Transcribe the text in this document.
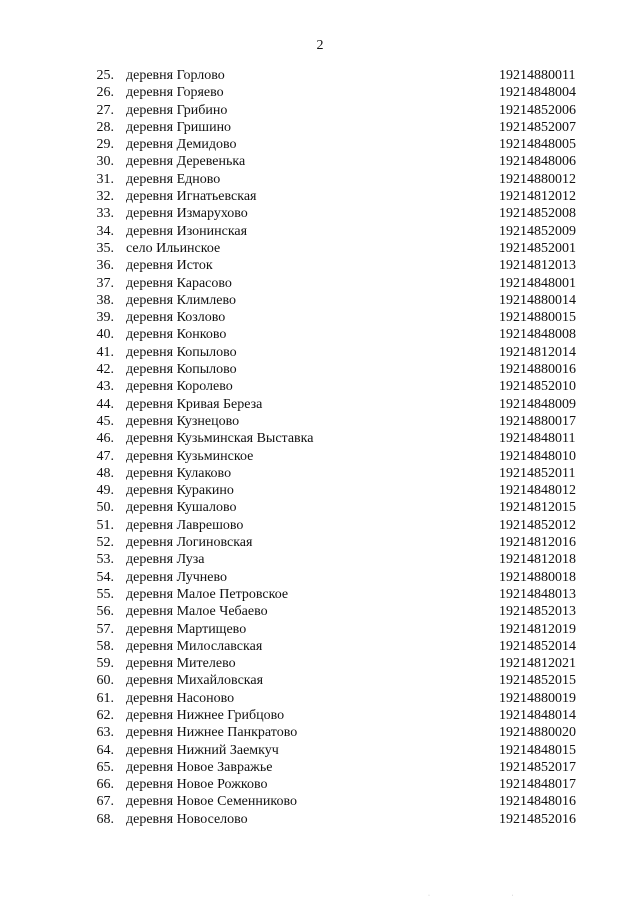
2
25. деревня Горлово	19214880011
26. деревня Горяево	19214848004
27. деревня Грибино	19214852006
28. деревня Гришино	19214852007
29. деревня Демидово	19214848005
30. деревня Деревенька	19214848006
31. деревня Едново	19214880012
32. деревня Игнатьевская	19214812012
33. деревня Измарухово	19214852008
34. деревня Изонинская	19214852009
35. село Ильинское	19214852001
36. деревня Исток	19214812013
37. деревня Карасово	19214848001
38. деревня Климлево	19214880014
39. деревня Козлово	19214880015
40. деревня Конково	19214848008
41. деревня Копылово	19214812014
42. деревня Копылово	19214880016
43. деревня Королево	19214852010
44. деревня Кривая Береза	19214848009
45. деревня Кузнецово	19214880017
46. деревня Кузьминская Выставка	19214848011
47. деревня Кузьминское	19214848010
48. деревня Кулаково	19214852011
49. деревня Куракино	19214848012
50. деревня Кушалово	19214812015
51. деревня Лаврешово	19214852012
52. деревня Логиновская	19214812016
53. деревня Луза	19214812018
54. деревня Лучнево	19214880018
55. деревня Малое Петровское	19214848013
56. деревня Малое Чебаево	19214852013
57. деревня Мартищево	19214812019
58. деревня Милославская	19214852014
59. деревня Мителево	19214812021
60. деревня Михайловская	19214852015
61. деревня Насоново	19214880019
62. деревня Нижнее Грибцово	19214848014
63. деревня Нижнее Панкратово	19214880020
64. деревня Нижний Заемкуч	19214848015
65. деревня Новое Завражье	19214852017
66. деревня Новое Рожково	19214848017
67. деревня Новое Семенниково	19214848016
68. деревня Новоселово	19214852016
· ·
